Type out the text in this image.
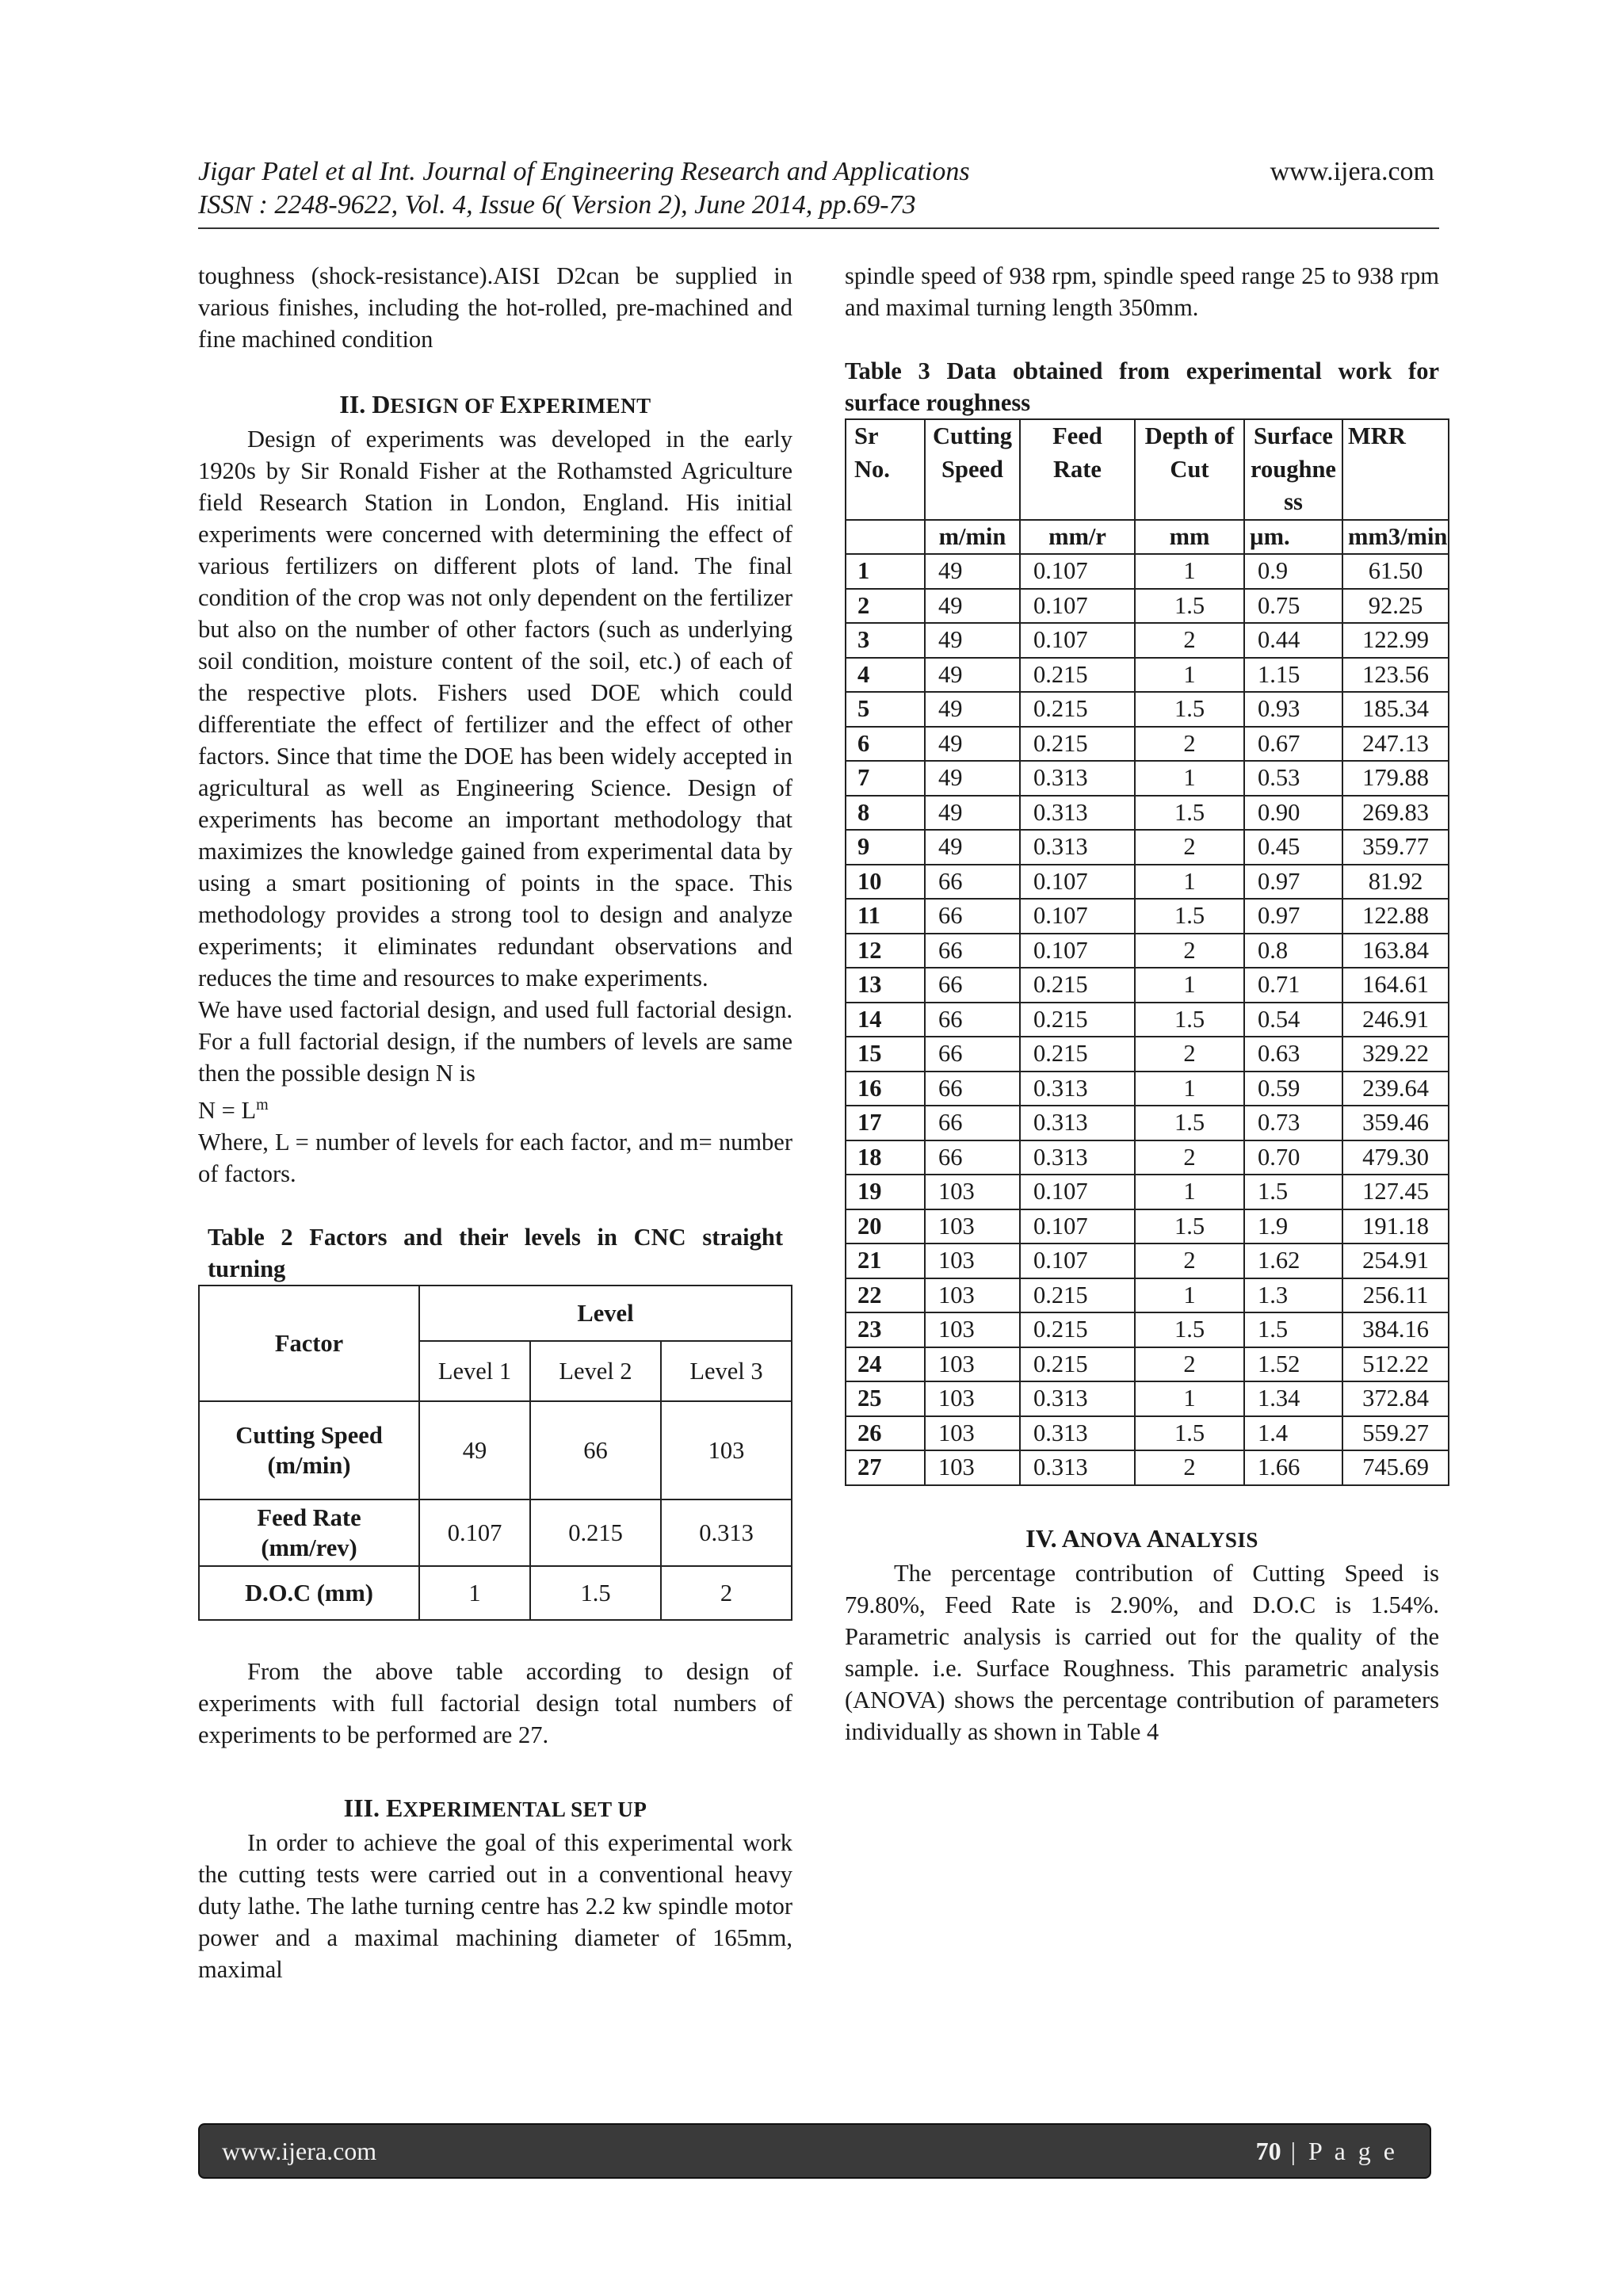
Jigar Patel et al Int. Journal of Engineering Research and Applications
ISSN : 2248-9622, Vol. 4, Issue 6( Version 2), June 2014, pp.69-73
www.ijera.com

toughness (shock-resistance).AISI D2can be supplied in various finishes, including the hot-rolled, pre-machined and fine machined condition

II. DESIGN OF EXPERIMENT

Design of experiments was developed in the early 1920s by Sir Ronald Fisher at the Rothamsted Agriculture field Research Station in London, England. His initial experiments were concerned with determining the effect of various fertilizers on different plots of land. The final condition of the crop was not only dependent on the fertilizer but also on the number of other factors (such as underlying soil condition, moisture content of the soil, etc.) of each of the respective plots. Fishers used DOE which could differentiate the effect of fertilizer and the effect of other factors. Since that time the DOE has been widely accepted in agricultural as well as Engineering Science. Design of experiments has become an important methodology that maximizes the knowledge gained from experimental data by using a smart positioning of points in the space. This methodology provides a strong tool to design and analyze experiments; it eliminates redundant observations and reduces the time and resources to make experiments.

We have used factorial design, and used full factorial design. For a full factorial design, if the numbers of levels are same then the possible design N is

$N = L^m$

Where, L = number of levels for each factor, and m= number of factors.

Table 2 Factors and their levels in CNC straight turning

Factor	Level		
	Level 1	Level 2	Level 3
Cutting Speed (m/min)	49	66	103
Feed Rate (mm/rev)	0.107	0.215	0.313
D.O.C (mm)	1	1.5	2

From the above table according to design of experiments with full factorial design total numbers of experiments to be performed are 27.

III. EXPERIMENTAL SET UP

In order to achieve the goal of this experimental work the cutting tests were carried out in a conventional heavy duty lathe. The lathe turning centre has 2.2 kw spindle motor power and a maximal machining diameter of 165mm, maximal

spindle speed of 938 rpm, spindle speed range 25 to 938 rpm and maximal turning length 350mm.

Table 3 Data obtained from experimental work for surface roughness

Sr No.	Cutting Speed	Feed Rate	Depth of Cut	Surface roughness	MRR
	m/min	mm/r	mm	µm.	mm3/min
1	49	0.107	1	0.9	61.50
2	49	0.107	1.5	0.75	92.25
3	49	0.107	2	0.44	122.99
4	49	0.215	1	1.15	123.56
5	49	0.215	1.5	0.93	185.34
6	49	0.215	2	0.67	247.13
7	49	0.313	1	0.53	179.88
8	49	0.313	1.5	0.90	269.83
9	49	0.313	2	0.45	359.77
10	66	0.107	1	0.97	81.92
11	66	0.107	1.5	0.97	122.88
12	66	0.107	2	0.8	163.84
13	66	0.215	1	0.71	164.61
14	66	0.215	1.5	0.54	246.91
15	66	0.215	2	0.63	329.22
16	66	0.313	1	0.59	239.64
17	66	0.313	1.5	0.73	359.46
18	66	0.313	2	0.70	479.30
19	103	0.107	1	1.5	127.45
20	103	0.107	1.5	1.9	191.18
21	103	0.107	2	1.62	254.91
22	103	0.215	1	1.3	256.11
23	103	0.215	1.5	1.5	384.16
24	103	0.215	2	1.52	512.22
25	103	0.313	1	1.34	372.84
26	103	0.313	1.5	1.4	559.27
27	103	0.313	2	1.66	745.69
IV. ANOVA ANALYSIS

The percentage contribution of Cutting Speed is 79.80%, Feed Rate is 2.90%, and D.O.C is 1.54%. Parametric analysis is carried out for the quality of the sample. i.e. Surface Roughness. This parametric analysis (ANOVA) shows the percentage contribution of parameters individually as shown in Table 4

www.ijera.com	70 | P a g e
